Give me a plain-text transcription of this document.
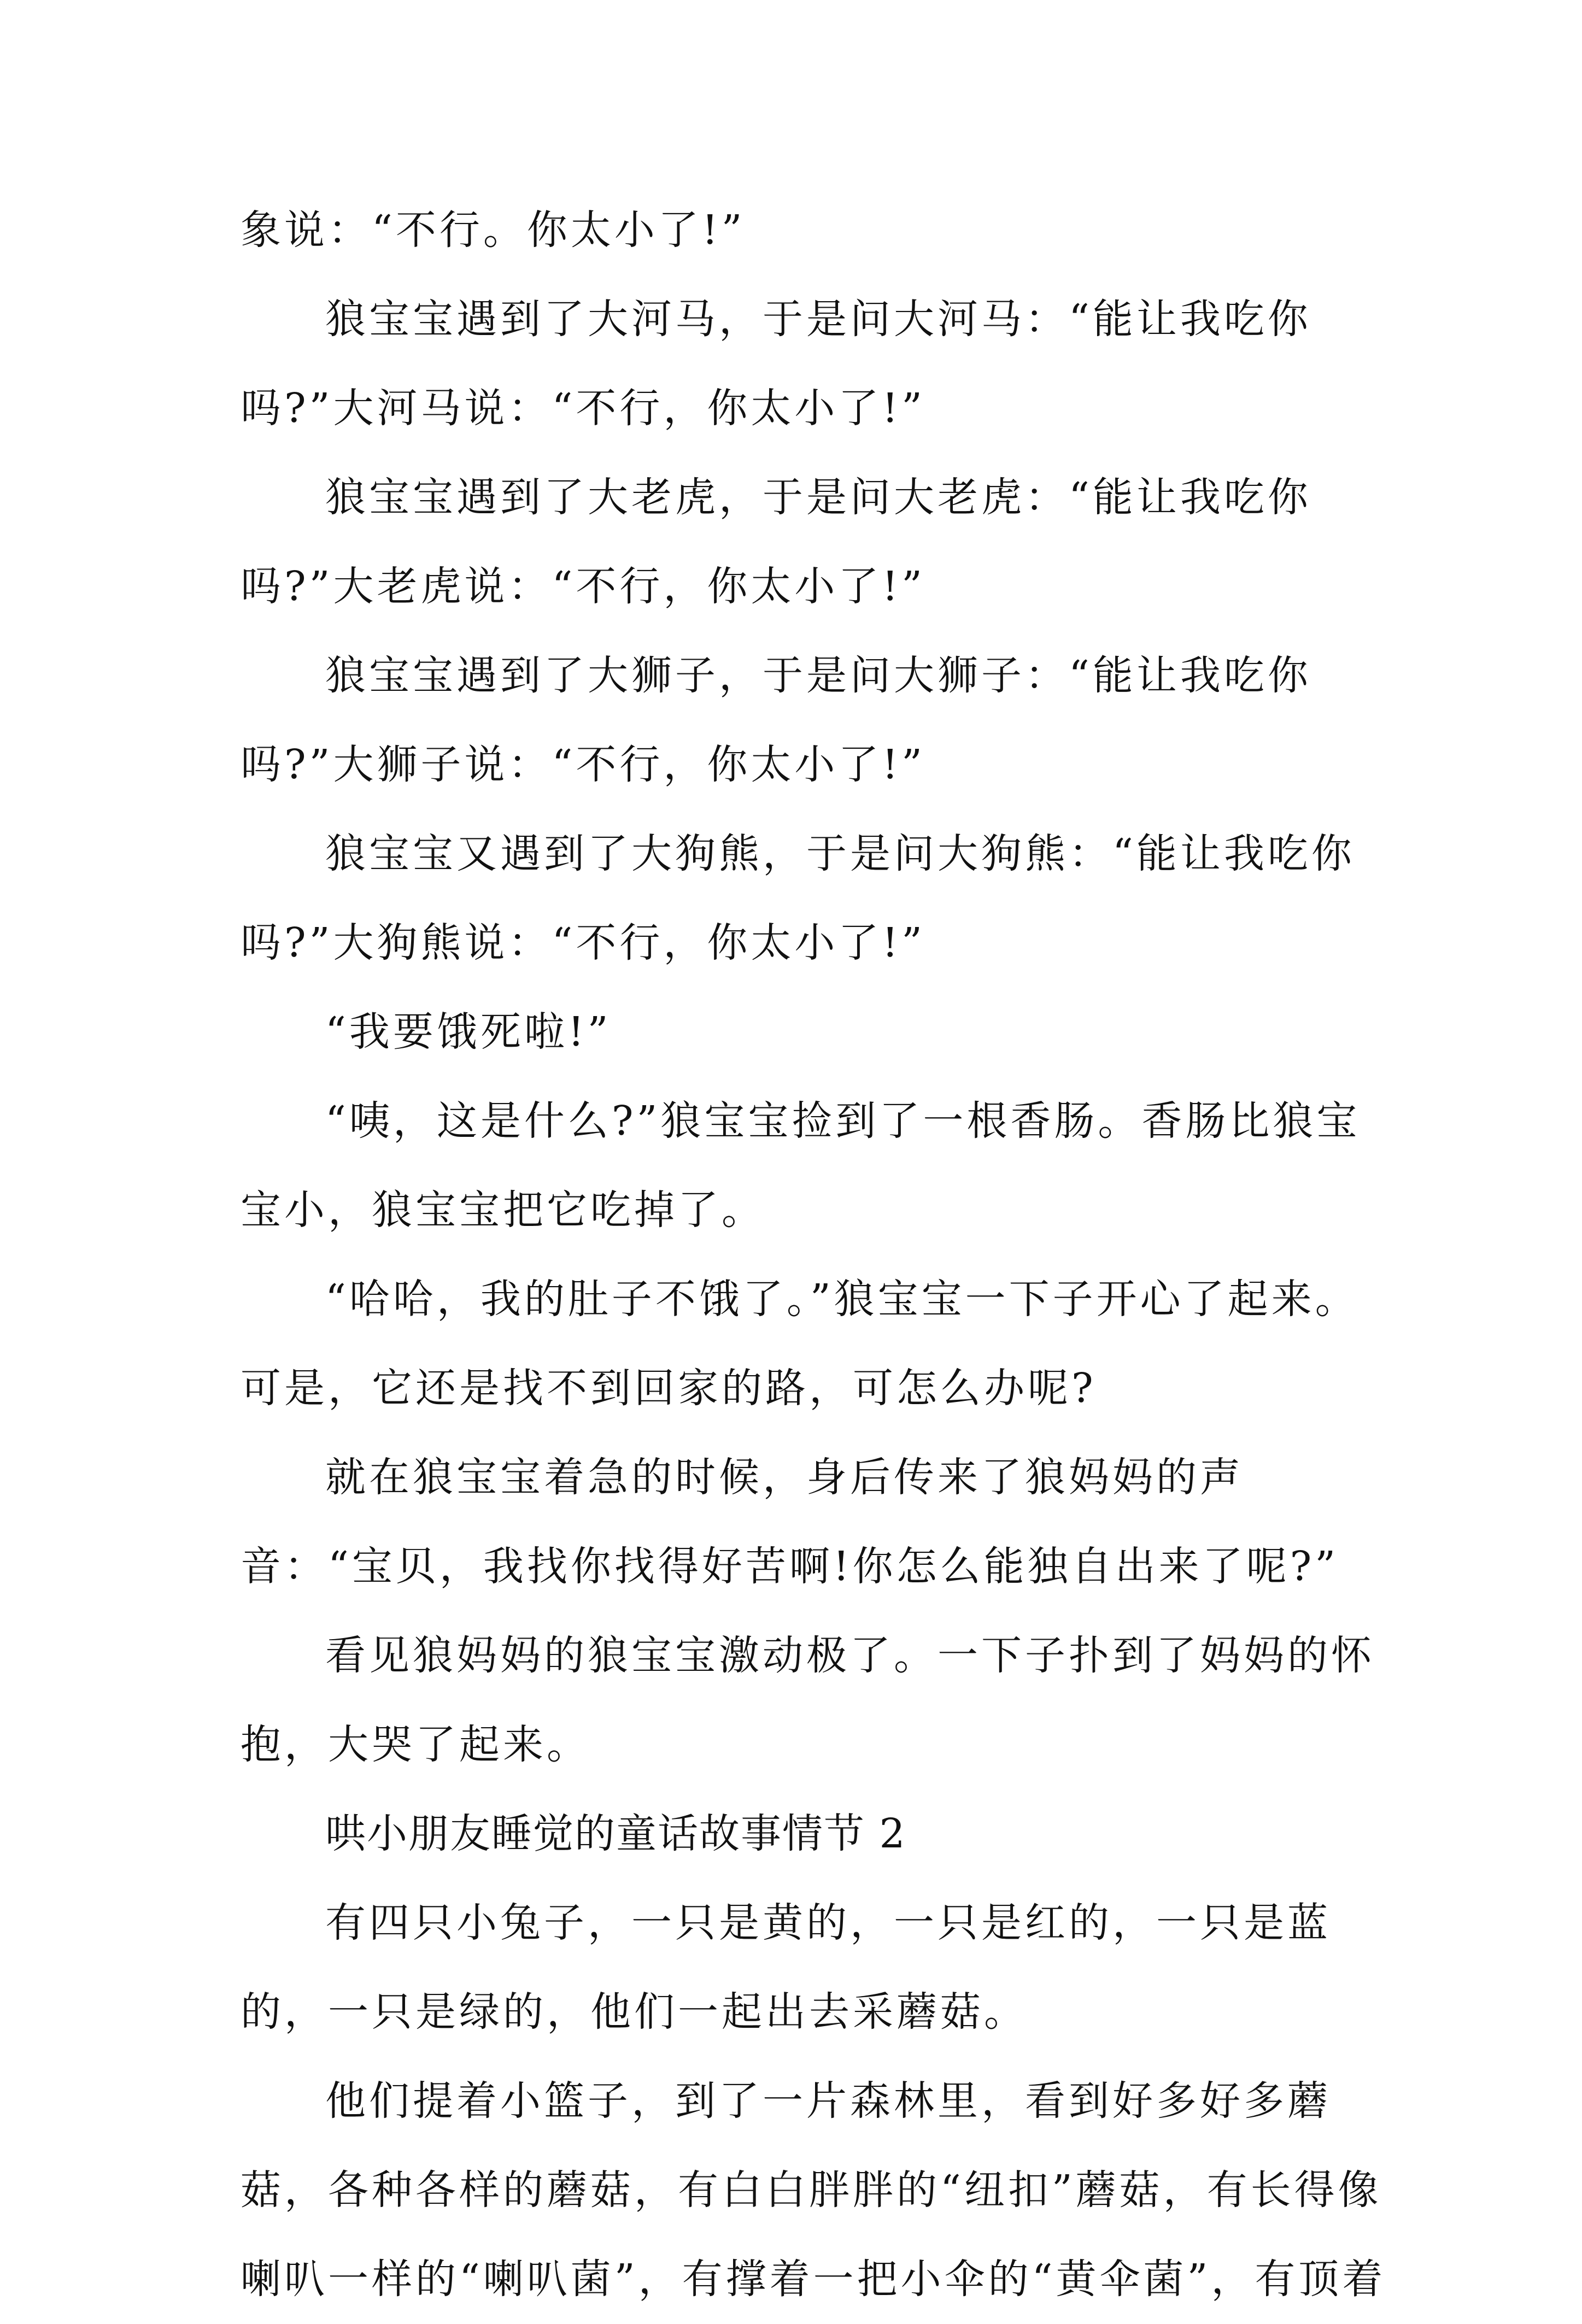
象说：“不行。你太小了!”

狼宝宝遇到了大河马，于是问大河马：“能让我吃你吗?”大河马说：“不行，你太小了!”

狼宝宝遇到了大老虎，于是问大老虎：“能让我吃你吗?”大老虎说：“不行，你太小了!”

狼宝宝遇到了大狮子，于是问大狮子：“能让我吃你吗?”大狮子说：“不行，你太小了!”

狼宝宝又遇到了大狗熊，于是问大狗熊：“能让我吃你吗?”大狗熊说：“不行，你太小了!”

“我要饿死啦!”

“咦，这是什么?”狼宝宝捡到了一根香肠。香肠比狼宝宝小，狼宝宝把它吃掉了。

“哈哈，我的肚子不饿了。”狼宝宝一下子开心了起来。可是，它还是找不到回家的路，可怎么办呢?

就在狼宝宝着急的时候，身后传来了狼妈妈的声音：“宝贝，我找你找得好苦啊!你怎么能独自出来了呢?”

看见狼妈妈的狼宝宝激动极了。一下子扑到了妈妈的怀抱，大哭了起来。

哄小朋友睡觉的童话故事情节 2

有四只小兔子，一只是黄的，一只是红的，一只是蓝的，一只是绿的，他们一起出去采蘑菇。

他们提着小篮子，到了一片森林里，看到好多好多蘑菇，各种各样的蘑菇，有白白胖胖的“纽扣”蘑菇，有长得像喇叭一样的“喇叭菌”，有撑着一把小伞的“黄伞菌”，有顶着
